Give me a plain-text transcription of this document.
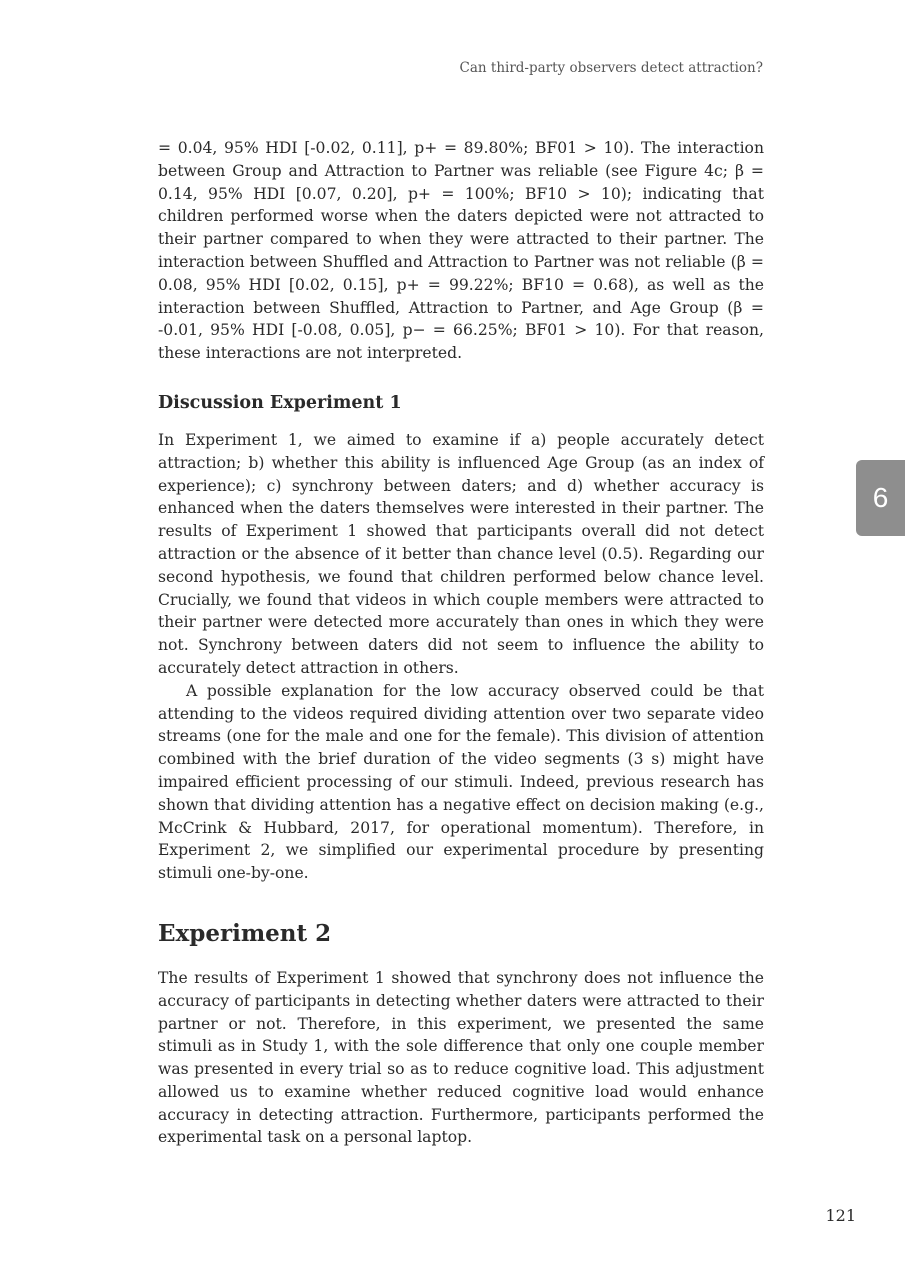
Can third-party observers detect attraction?

= 0.04, 95% HDI [-0.02, 0.11], p+ = 89.80%; BF01 > 10). The interaction between Group and Attraction to Partner was reliable (see Figure 4c; β = 0.14, 95% HDI [0.07, 0.20], p+ = 100%; BF10 > 10); indicating that children performed worse when the daters depicted were not attracted to their partner compared to when they were attracted to their partner. The interaction between Shuffled and Attraction to Partner was not reliable (β = 0.08, 95% HDI [0.02, 0.15], p+ = 99.22%; BF10 = 0.68), as well as the interaction between Shuffled, Attraction to Partner, and Age Group (β = -0.01, 95% HDI [-0.08, 0.05], p− = 66.25%; BF01 > 10). For that reason, these interactions are not interpreted.

Discussion Experiment 1

In Experiment 1, we aimed to examine if a) people accurately detect attraction; b) whether this ability is influenced Age Group (as an index of experience); c) synchrony between daters; and d) whether accuracy is enhanced when the daters themselves were interested in their partner. The results of Experiment 1 showed that participants overall did not detect attraction or the absence of it better than chance level (0.5). Regarding our second hypothesis, we found that children performed below chance level. Crucially, we found that videos in which couple members were attracted to their partner were detected more accurately than ones in which they were not. Synchrony between daters did not seem to influence the ability to accurately detect attraction in others.

A possible explanation for the low accuracy observed could be that attending to the videos required dividing attention over two separate video streams (one for the male and one for the female). This division of attention combined with the brief duration of the video segments (3 s) might have impaired efficient processing of our stimuli. Indeed, previous research has shown that dividing attention has a negative effect on decision making (e.g., McCrink & Hubbard, 2017, for operational momentum). Therefore, in Experiment 2, we simplified our experimental procedure by presenting stimuli one-by-one.

Experiment 2

The results of Experiment 1 showed that synchrony does not influence the accuracy of participants in detecting whether daters were attracted to their partner or not. Therefore, in this experiment, we presented the same stimuli as in Study 1, with the sole difference that only one couple member was presented in every trial so as to reduce cognitive load. This adjustment allowed us to examine whether reduced cognitive load would enhance accuracy in detecting attraction. Furthermore, participants performed the experimental task on a personal laptop.

6
121
